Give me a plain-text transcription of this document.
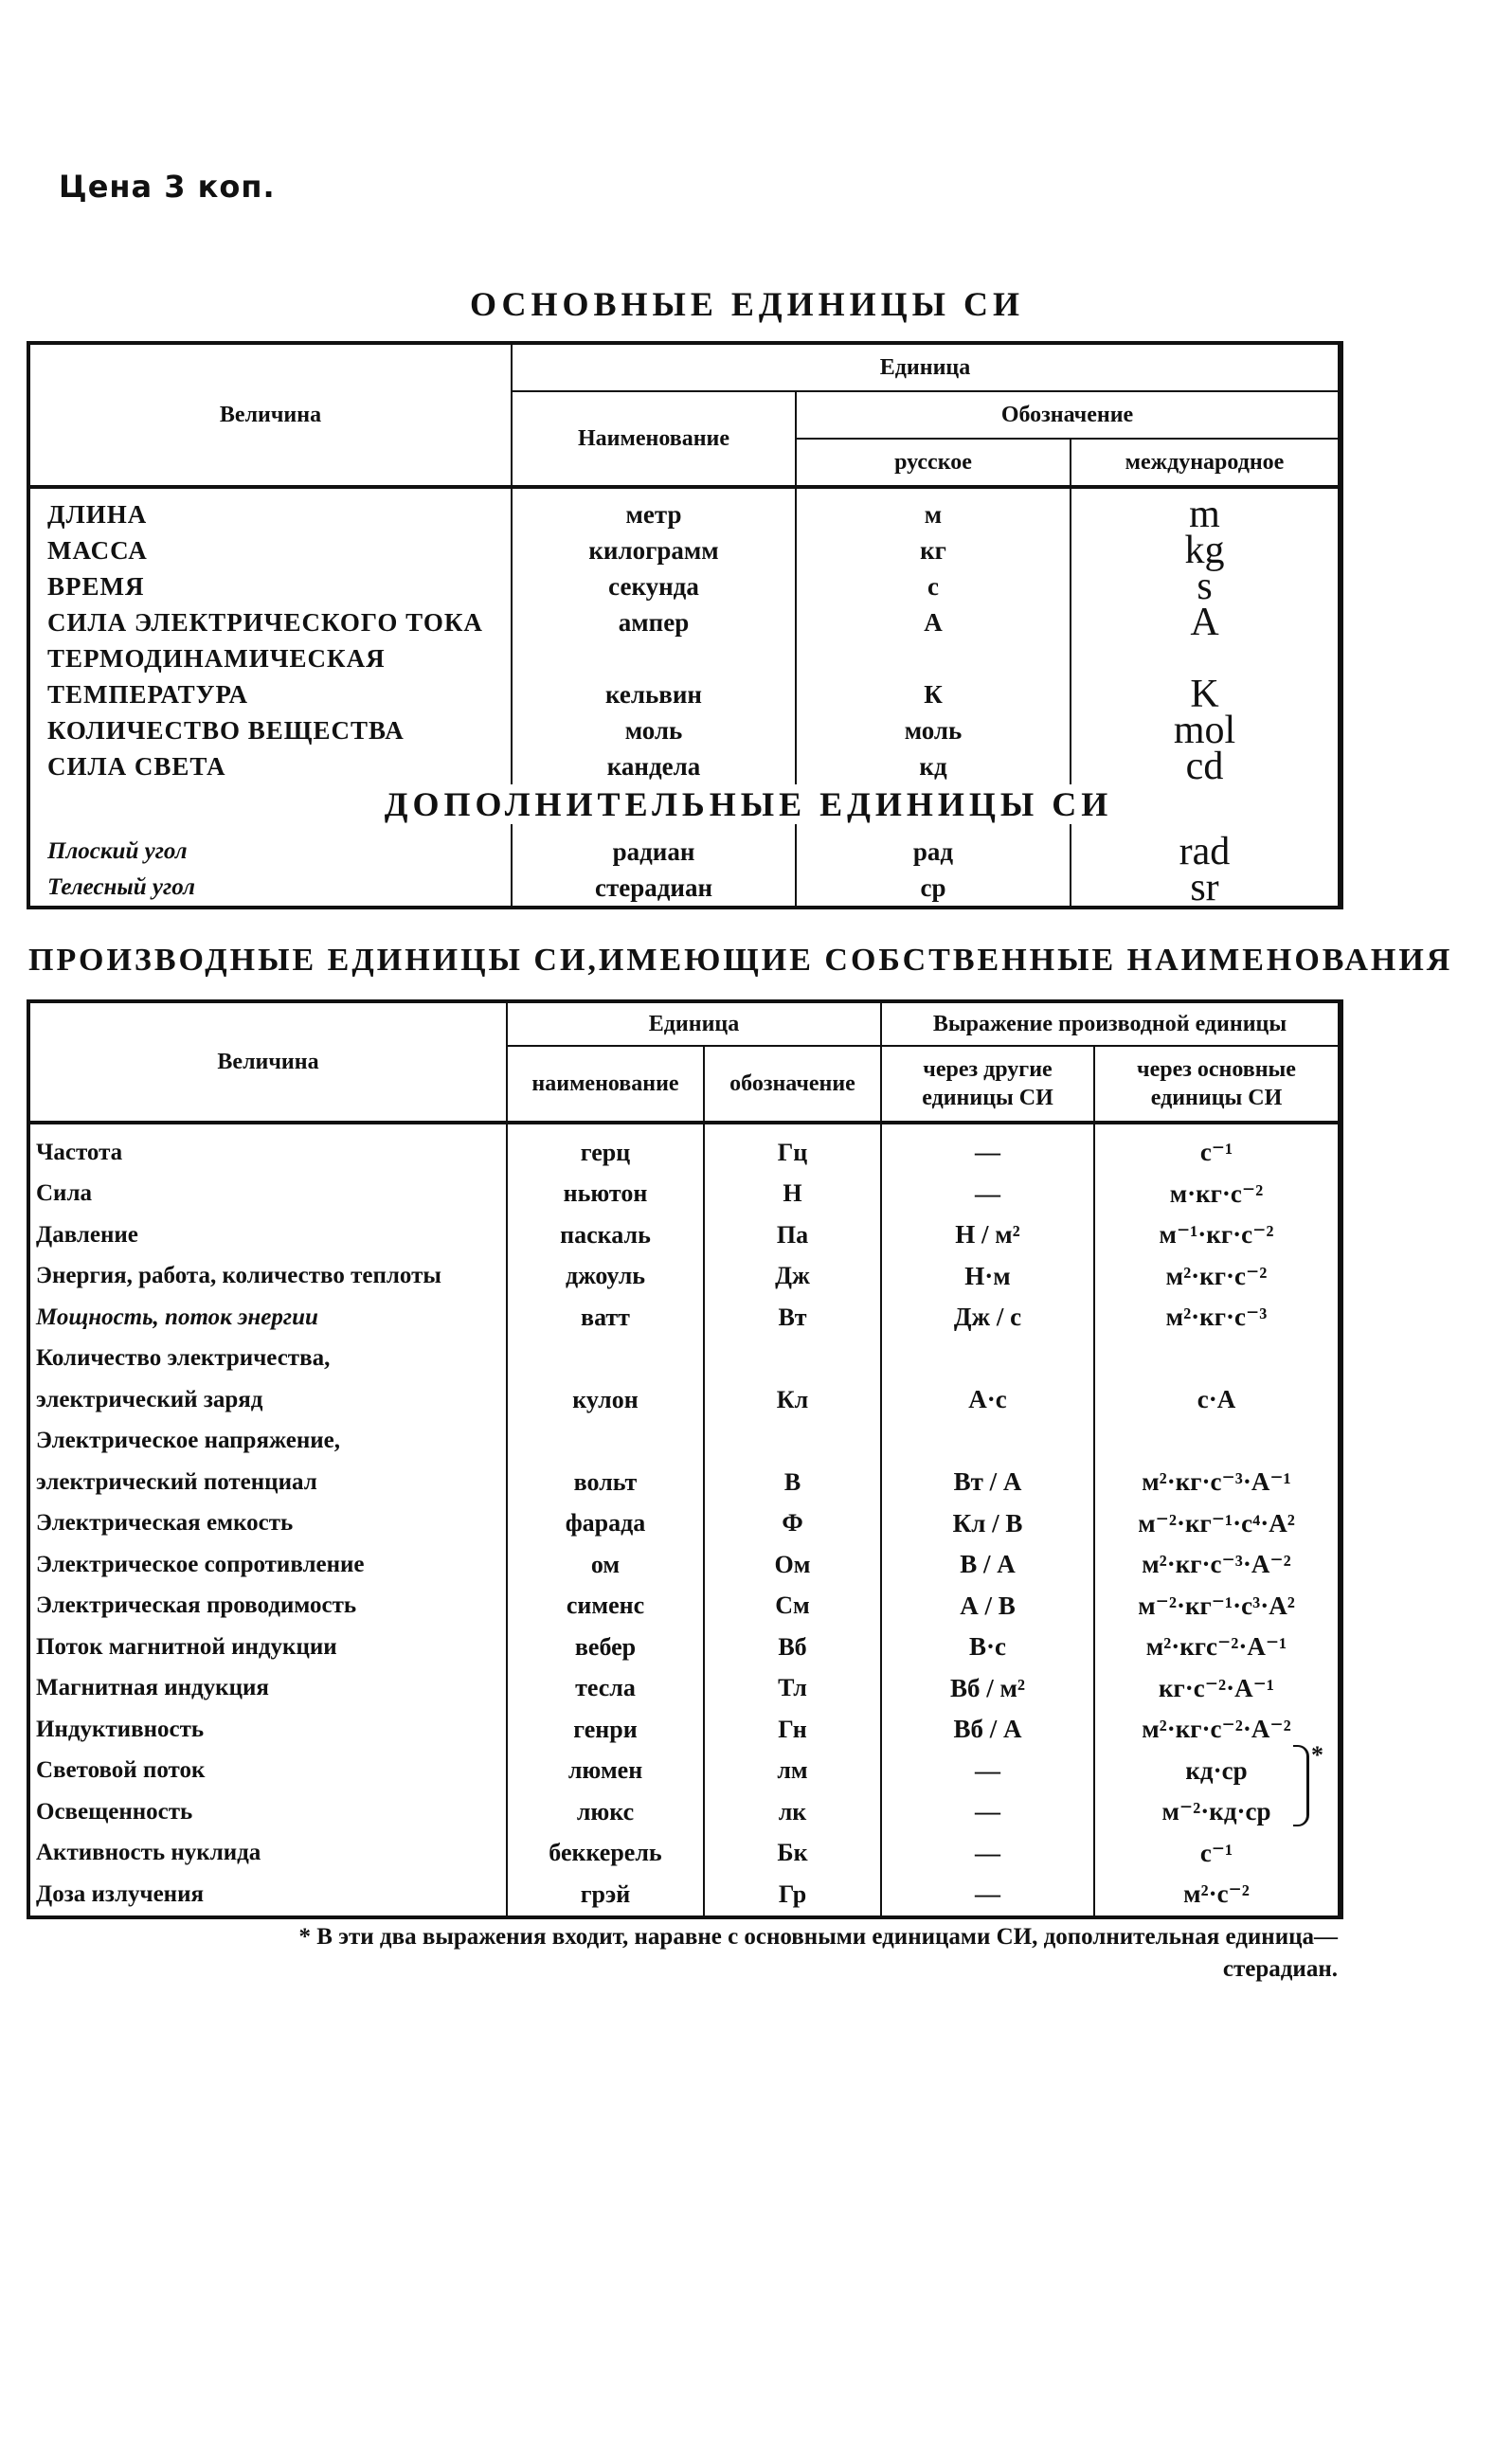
Цена 3 коп.
ОСНОВНЫЕ ЕДИНИЦЫ СИ
Величина	Единица		
	Наименование	Обозначение	
		русское	международное

ДЛИНА	метр	м	m
МАССА	килограмм	кг	kg
ВРЕМЯ	секунда	с	s
СИЛА ЭЛЕКТРИЧЕСКОГО ТОКА	ампер	А	A
ТЕРМОДИНАМИЧЕСКАЯ			
ТЕМПЕРАТУРА	кельвин	К	K
КОЛИЧЕСТВО ВЕЩЕСТВА	моль	моль	mol
СИЛА СВЕТА	кандела	кд	cd

Плоский угол	радиан	рад	rad
Телесный угол	стерадиан	ср	sr
ДОПОЛНИТЕЛЬНЫЕ ЕДИНИЦЫ СИ
ПРОИЗВОДНЫЕ ЕДИНИЦЫ СИ,ИМЕЮЩИЕ СОБСТВЕННЫЕ НАИМЕНОВАНИЯ
Величина	Единица		Выражение производной единицы	
	наименование	обозначение	через другие единицы СИ	через основные единицы СИ

Частота	герц	Гц	—	с⁻¹
Сила	ньютон	Н	—	м·кг·с⁻²
Давление	паскаль	Па	Н / м²	м⁻¹·кг·с⁻²
Энергия, работа, количество теплоты	джоуль	Дж	Н·м	м²·кг·с⁻²
Мощность, поток энергии	ватт	Вт	Дж / с	м²·кг·с⁻³
Количество электричества,				
электрический заряд	кулон	Кл	А·с	с·А
Электрическое напряжение,				
электрический потенциал	вольт	В	Вт / А	м²·кг·с⁻³·А⁻¹
Электрическая емкость	фарада	Ф	Кл / В	м⁻²·кг⁻¹·с⁴·А²
Электрическое сопротивление	ом	Ом	В / А	м²·кг·с⁻³·А⁻²
Электрическая проводимость	сименс	См	А / В	м⁻²·кг⁻¹·с³·А²
Поток магнитной индукции	вебер	Вб	В·с	м²·кгс⁻²·А⁻¹
Магнитная индукция	тесла	Тл	Вб / м²	кг·с⁻²·А⁻¹
Индуктивность	генри	Гн	Вб / А	м²·кг·с⁻²·А⁻²
Световой поток	люмен	лм	—	кд·ср
Освещенность	люкс	лк	—	м⁻²·кд·ср
Активность нуклида	беккерель	Бк	—	с⁻¹
Доза излучения	грэй	Гр	—	м²·с⁻²
*
* В эти два выражения входит, наравне с основными единицами СИ, дополнительная единица—стерадиан.
